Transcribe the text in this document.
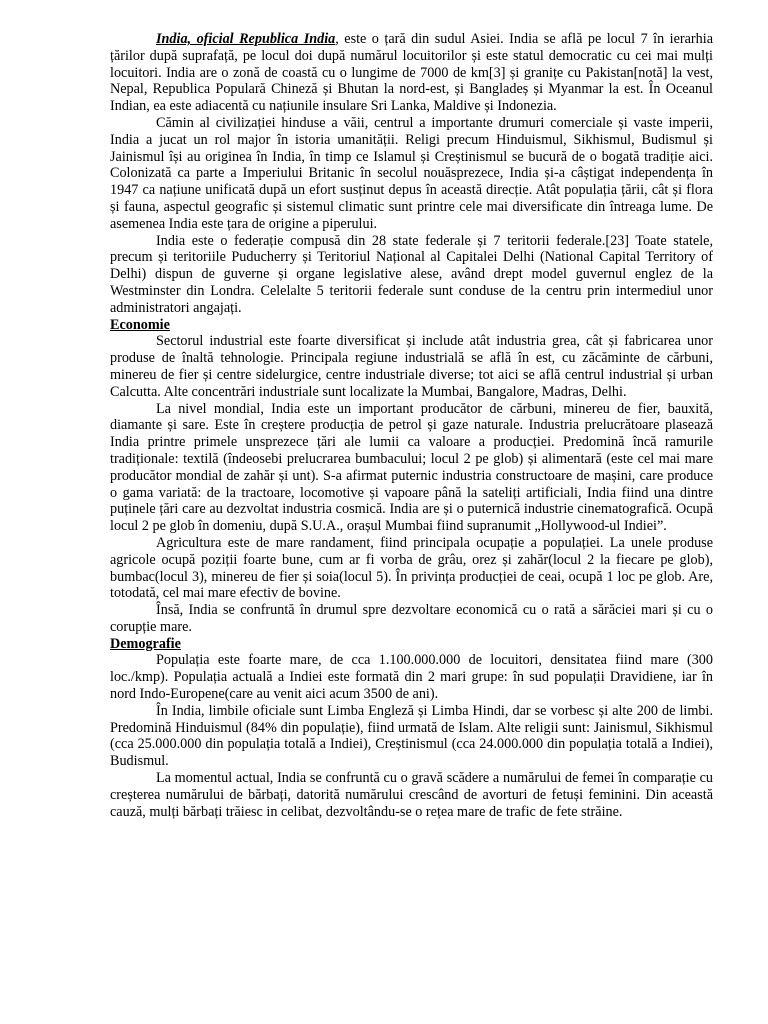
India, oficial Republica India, este o țară din sudul Asiei. India se află pe locul 7 în ierarhia țărilor după suprafață, pe locul doi după numărul locuitorilor și este statul democratic cu cei mai mulți locuitori. India are o zonă de coastă cu o lungime de 7000 de km[3] și granițe cu Pakistan[notă] la vest, Nepal, Republica Populară Chineză și Bhutan la nord-est, și Bangladeș și Myanmar la est. În Oceanul Indian, ea este adiacentă cu națiunile insulare Sri Lanka, Maldive și Indonezia.

Cămin al civilizației hinduse a văii, centrul a importante drumuri comerciale și vaste imperii, India a jucat un rol major în istoria umanității. Religi precum Hinduismul, Sikhismul, Budismul și Jainismul își au originea în India, în timp ce Islamul și Creștinismul se bucură de o bogată tradiție aici. Colonizată ca parte a Imperiului Britanic în secolul nouăsprezece, India și-a câștigat independența în 1947 ca națiune unificată după un efort susținut depus în această direcție. Atât populația țării, cât și flora și fauna, aspectul geografic și sistemul climatic sunt printre cele mai diversificate din întreaga lume. De asemenea India este țara de origine a piperului.

India este o federație compusă din 28 state federale și 7 teritorii federale.[23] Toate statele, precum și teritoriile Puducherry și Teritoriul Național al Capitalei Delhi (National Capital Territory of Delhi) dispun de guverne și organe legislative alese, având drept model guvernul englez de la Westminster din Londra. Celelalte 5 teritorii federale sunt conduse de la centru prin intermediul unor administratori angajați.

Economie

Sectorul industrial este foarte diversificat și include atât industria grea, cât și fabricarea unor produse de înaltă tehnologie. Principala regiune industrială se află în est, cu zăcăminte de cărbuni, minereu de fier și centre sidelurgice, centre industriale diverse; tot aici se află centrul industrial și urban Calcutta. Alte concentrări industriale sunt localizate la Mumbai, Bangalore, Madras, Delhi.

La nivel mondial, India este un important producător de cărbuni, minereu de fier, bauxită, diamante și sare. Este în creștere producția de petrol și gaze naturale. Industria prelucrătoare plasează India printre primele unsprezece țări ale lumii ca valoare a producției. Predomină încă ramurile tradiționale: textilă (îndeosebi prelucrarea bumbacului; locul 2 pe glob) și alimentară (este cel mai mare producător mondial de zahăr și unt). S-a afirmat puternic industria constructoare de mașini, care produce o gama variată: de la tractoare, locomotive și vapoare până la sateliți artificiali, India fiind una dintre puținele țări care au dezvoltat industria cosmică. India are și o puternică industrie cinematografică. Ocupă locul 2 pe glob în domeniu, după S.U.A., orașul Mumbai fiind supranumit „Hollywood-ul Indiei”.

Agricultura este de mare randament, fiind principala ocupație a populației. La unele produse agricole ocupă poziții foarte bune, cum ar fi vorba de grâu, orez și zahăr(locul 2 la fiecare pe glob), bumbac(locul 3), minereu de fier și soia(locul 5). În privința producției de ceai, ocupă 1 loc pe glob. Are, totodată, cel mai mare efectiv de bovine.

Însă, India se confruntă în drumul spre dezvoltare economică cu o rată a sărăciei mari și cu o corupție mare.

Demografie

Populația este foarte mare, de cca 1.100.000.000 de locuitori, densitatea fiind mare (300 loc./kmp). Populația actuală a Indiei este formată din 2 mari grupe: în sud populații Dravidiene, iar în nord Indo-Europene(care au venit aici acum 3500 de ani).

În India, limbile oficiale sunt Limba Engleză și Limba Hindi, dar se vorbesc și alte 200 de limbi. Predomină Hinduismul (84% din populație), fiind urmată de Islam. Alte religii sunt: Jainismul, Sikhismul (cca 25.000.000 din populația totală a Indiei), Creștinismul (cca 24.000.000 din populația totală a Indiei), Budismul.

La momentul actual, India se confruntă cu o gravă scădere a numărului de femei în comparație cu creșterea numărului de bărbați, datorită numărului crescând de avorturi de fetuși feminini. Din această cauză, mulți bărbați trăiesc in celibat, dezvoltându-se o rețea mare de trafic de fete străine.
